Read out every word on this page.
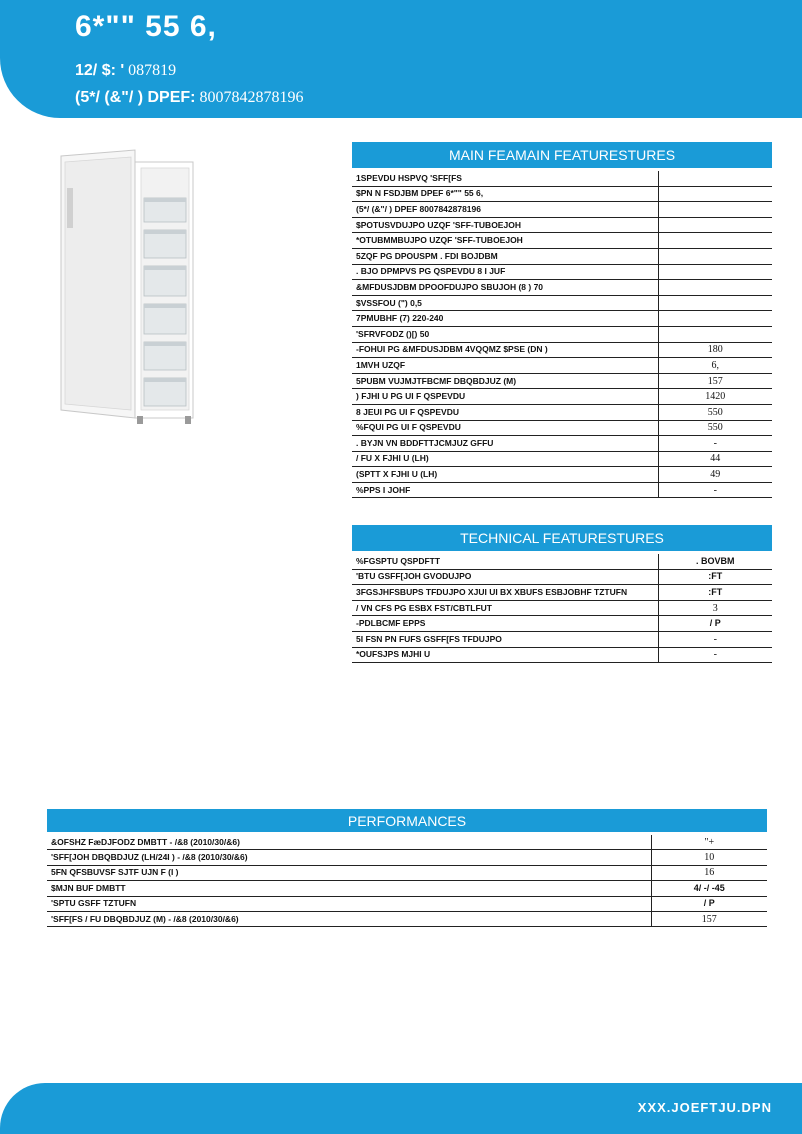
6*"" 55 6,
12/ $: ' 087819
(5*/ (&"/ ) DPEF: 8007842878196
MAIN FEAMAIN FEATURESTURES	
1SPEVDU HSPVQ 'SFF[FS	
$PN N FSDJBM DPEF 6*"" 55 6,	
(5*/ (&"/ ) DPEF 8007842878196	
$POTUSVDUJPO UZQF 'SFF-TUBOEJOH	
*OTUBMMBUJPO UZQF 'SFF-TUBOEJOH	
5ZQF PG DPOUSPM . FDI BOJDBM	
. BJO DPMPVS PG QSPEVDU 8 I JUF	
&MFDUSJDBM DPOOFDUJPO SBUJOH (8 ) 70	
$VSSFOU (") 0,5	
7PMUBHF (7) 220-240	
'SFRVFODZ ()[) 50	
-FOHUI PG &MFDUSJDBM 4VQQMZ $PSE (DN )	180
1MVH UZQF	6,
5PUBM VUJMJTFBCMF DBQBDJUZ (M)	157
) FJHI U PG UI F QSPEVDU	1420
8 JEUI PG UI F QSPEVDU	550
%FQUI PG UI F QSPEVDU	550
. BYJN VN BDDFTTJCMJUZ GFFU	-
/ FU X FJHI U (LH)	44
(SPTT X FJHI U (LH)	49
%PPS I JOHF	-
TECHNICAL FEATURESTURES	
%FGSPTU QSPDFTT	. BOVBM
'BTU GSFF[JOH GVODUJPO	:FT
3FGSJHFSBUPS TFDUJPO XJUI UI BX XBUFS ESBJOBHF TZTUFN	:FT
/ VN CFS PG ESBX FST/CBTLFUT	3
-PDLBCMF EPPS	/ P
5I FSN PN FUFS GSFF[FS TFDUJPO	-
*OUFSJPS MJHI U	-
PERFORMANCES	
&OFSHZ FæDJFODZ DMBTT - /&8 (2010/30/&6)	"+
'SFF[JOH DBQBDJUZ (LH/24I ) - /&8 (2010/30/&6)	10
5FN QFSBUVSF SJTF UJN F (I )	16
$MJN BUF DMBTT	4/ -/ -45
'SPTU GSFF TZTUFN	/ P
'SFF[FS / FU DBQBDJUZ (M) - /&8 (2010/30/&6)	157
XXX.JOEFTJU.DPN
